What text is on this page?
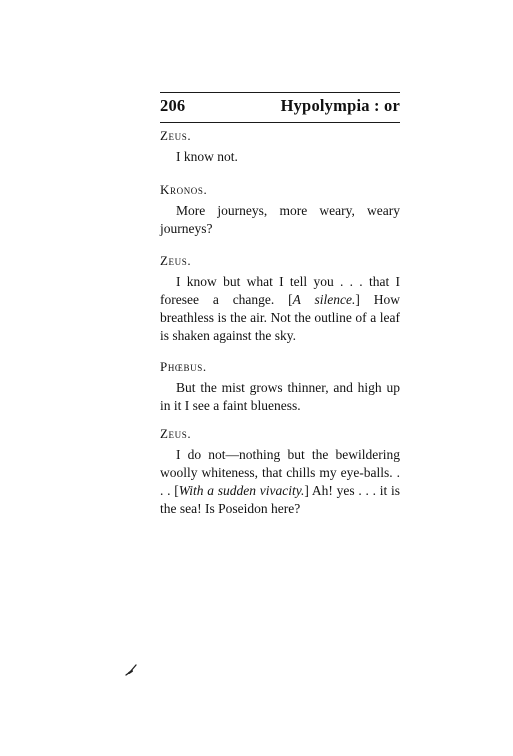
206	Hypolympia : or
Zeus.
I know not.
Kronos.
More journeys, more weary, weary journeys?
Zeus.
I know but what I tell you . . . that I foresee a change. [A silence.] How breathless is the air. Not the outline of a leaf is shaken against the sky.
Phœbus.
But the mist grows thinner, and high up in it I see a faint blueness.
Zeus.
I do not—nothing but the bewildering woolly whiteness, that chills my eye-balls. . . . [With a sudden vivacity.] Ah! yes . . . it is the sea! Is Poseidon here?
